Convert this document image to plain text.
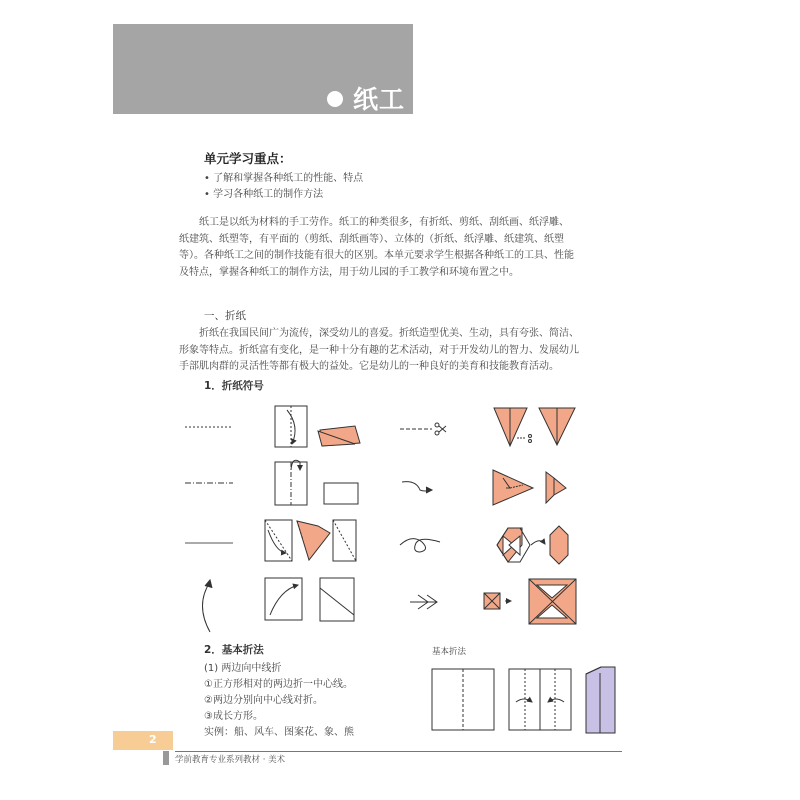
纸工
单元学习重点：
• 了解和掌握各种纸工的性能、特点
• 学习各种纸工的制作方法
纸工是以纸为材料的手工劳作。纸工的种类很多，有折纸、剪纸、刮纸画、纸浮雕、
纸建筑、纸塑等，有平面的（剪纸、刮纸画等）、立体的（折纸、纸浮雕、纸建筑、纸塑
等）。各种纸工之间的制作技能有很大的区别。本单元要求学生根据各种纸工的工具、性能
及特点，掌握各种纸工的制作方法，用于幼儿园的手工教学和环境布置之中。
一、折纸
折纸在我国民间广为流传，深受幼儿的喜爱。折纸造型优美、生动，具有夸张、简洁、
形象等特点。折纸富有变化，是一种十分有趣的艺术活动，对于开发幼儿的智力、发展幼儿
手部肌肉群的灵活性等都有极大的益处。它是幼儿的一种良好的美育和技能教育活动。
1．折纸符号
2．基本折法
(1) 两边向中线折
①正方形相对的两边折一中心线。
②两边分别向中心线对折。
③成长方形。
实例：船、风车、图案花、象、熊
基本折法
2
学前教育专业系列教材 · 美术
